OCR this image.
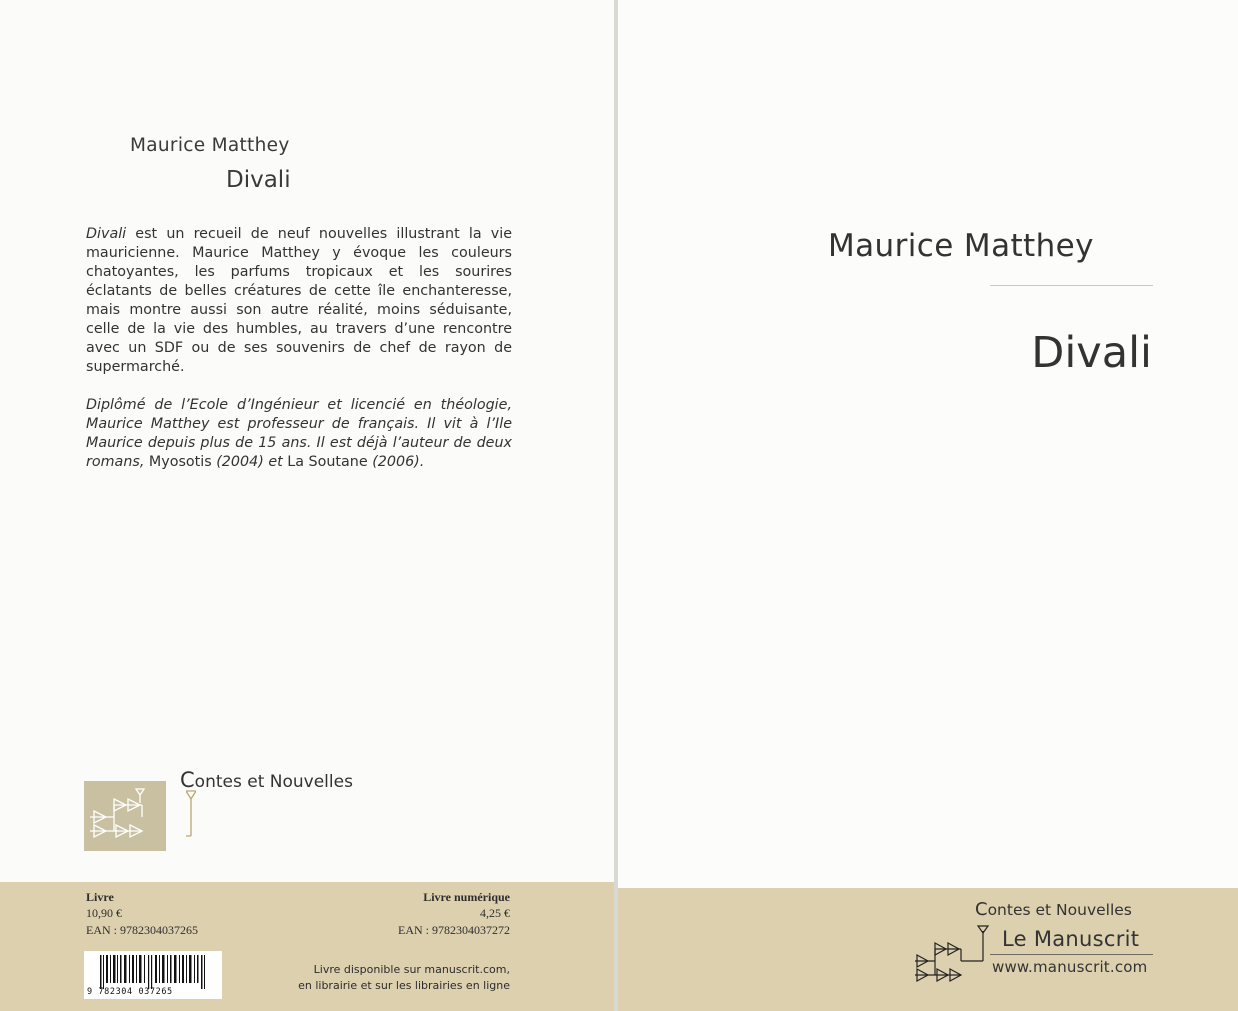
Maurice Matthey
Divali

Divali est un recueil de neuf nouvelles illustrant la vie mauricienne. Maurice Matthey y évoque les couleurs chatoyantes, les parfums tropicaux et les sourires éclatants de belles créatures de cette île enchanteresse, mais montre aussi son autre réalité, moins séduisante, celle de la vie des humbles, au travers d’une rencontre avec un SDF ou de ses souvenirs de chef de rayon de supermarché.

Diplômé de l’Ecole d’Ingénieur et licencié en théologie, Maurice Matthey est professeur de français. Il vit à l’Ile Maurice depuis plus de 15 ans. Il est déjà l’auteur de deux romans, Myosotis (2004) et La Soutane (2006).

Contes et Nouvelles
Livre
10,90 €
EAN : 9782304037265
Livre numérique
4,25 €
EAN : 9782304037272
9 782304 037265
Livre disponible sur manuscrit.com,
en librairie et sur les librairies en ligne
Maurice Matthey
Divali
Contes et Nouvelles
Le Manuscrit
www.manuscrit.com
